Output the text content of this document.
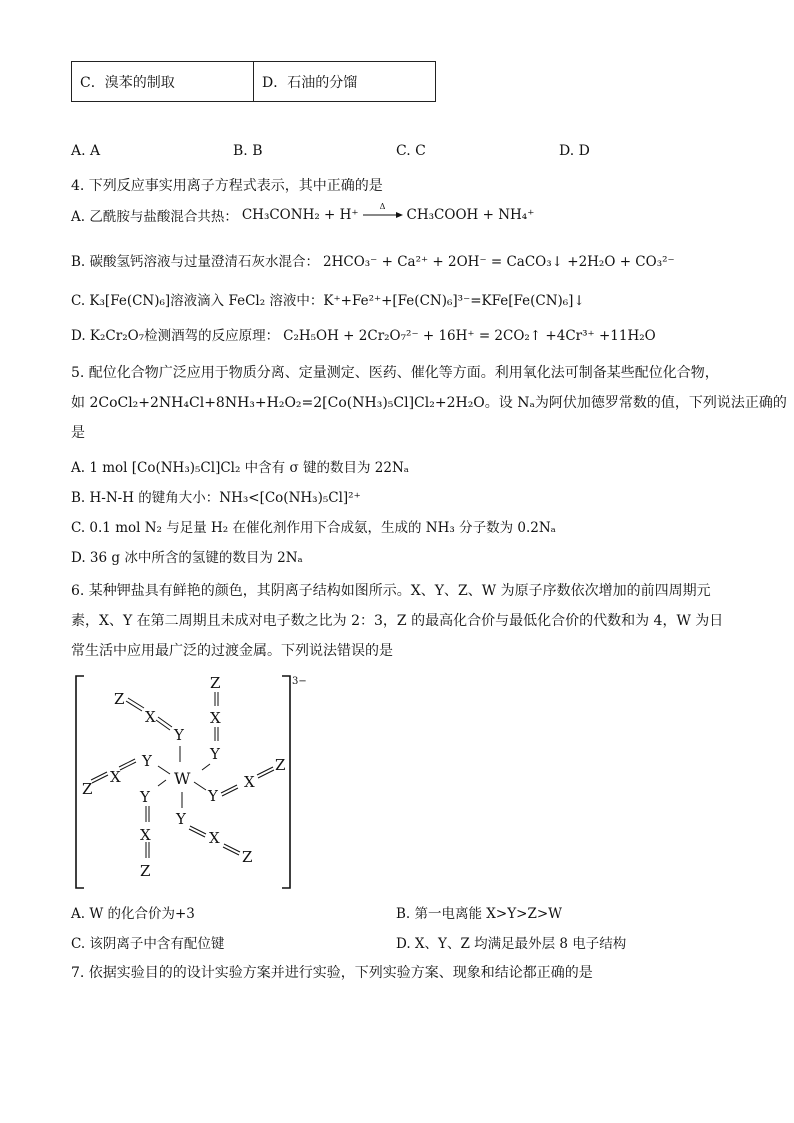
C．溴苯的制取	D．石油的分馏
A. A	B. B	C. C	D. D
4. 下列反应事实用离子方程式表示，其中正确的是
A. 乙酰胺与盐酸混合共热： CH₃CONH₂ + H⁺
Δ
CH₃COOH + NH₄⁺
B. 碳酸氢钙溶液与过量澄清石灰水混合： 2HCO₃⁻ + Ca²⁺ + 2OH⁻ = CaCO₃↓ +2H₂O + CO₃²⁻
C. K₃[Fe(CN)₆]溶液滴入 FeCl₂ 溶液中：K⁺+Fe²⁺+[Fe(CN)₆]³⁻=KFe[Fe(CN)₆]↓
D. K₂Cr₂O₇检测酒驾的反应原理： C₂H₅OH + 2Cr₂O₇²⁻ + 16H⁺ = 2CO₂↑ +4Cr³⁺ +11H₂O
5. 配位化合物广泛应用于物质分离、定量测定、医药、催化等方面。利用氧化法可制备某些配位化合物，
如 2CoCl₂+2NH₄Cl+8NH₃+H₂O₂=2[Co(NH₃)₅Cl]Cl₂+2H₂O。设 Nₐ为阿伏加德罗常数的值，下列说法正确的
是
A. 1 mol [Co(NH₃)₅Cl]Cl₂ 中含有 σ 键的数目为 22Nₐ
B. H-N-H 的键角大小：NH₃<[Co(NH₃)₅Cl]²⁺
C. 0.1 mol N₂ 与足量 H₂ 在催化剂作用下合成氨，生成的 NH₃ 分子数为 0.2Nₐ
D. 36 g 冰中所含的氢键的数目为 2Nₐ
6. 某种钾盐具有鲜艳的颜色，其阴离子结构如图所示。X、Y、Z、W 为原子序数依次增加的前四周期元
素，X、Y 在第二周期且未成对电子数之比为 2：3，Z 的最高化合价与最低化合价的代数和为 4，W 为日
常生活中应用最广泛的过渡金属。下列说法错误的是
3−
Z
X
Y
Z
X
Y
Z
X
Y
W
Y
X
Z
Y
X
Z
Y
X
Z
A. W 的化合价为+3	B. 第一电离能 X>Y>Z>W
C. 该阴离子中含有配位键	D. X、Y、Z 均满足最外层 8 电子结构
7. 依据实验目的的设计实验方案并进行实验，下列实验方案、现象和结论都正确的是
